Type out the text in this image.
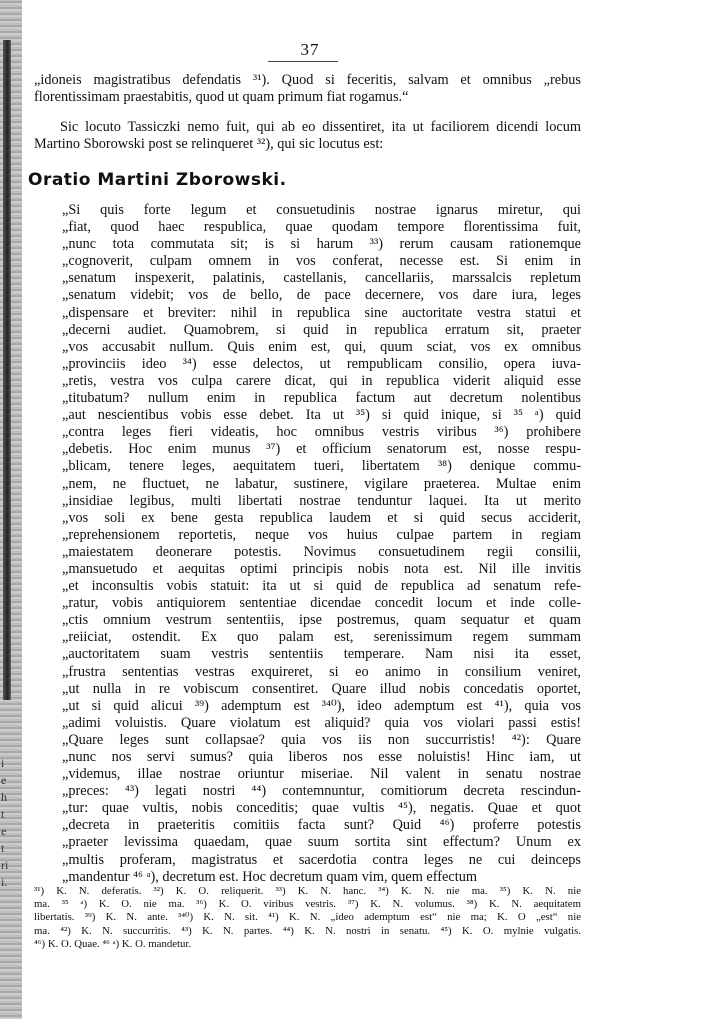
i
e
h
t
e
t
ri
i.
37

„idoneis magistratibus defendatis ³¹). Quod si feceritis, salvam et omnibus „rebus florentissimam praestabitis, quod ut quam primum fiat rogamus.“

Sic locuto Tassiczki nemo fuit, qui ab eo dissentiret, ita ut faciliorem dicendi locum Martino Sborowski post se relinqueret ³²), qui sic locutus est:

Oratio Martini Zborowski.
„Si quis forte legum et consuetudinis nostrae ignarus miretur, qui
„fiat, quod haec respublica, quae quodam tempore florentissima fuit,
„nunc tota commutata sit; is si harum ³³) rerum causam rationemque
„cognoverit, culpam omnem in vos conferat, necesse est. Si enim in
„senatum inspexerit, palatinis, castellanis, cancellariis, marssalcis repletum
„senatum videbit; vos de bello, de pace decernere, vos dare iura, leges
„dispensare et breviter: nihil in republica sine auctoritate vestra statui et
„decerni audiet. Quamobrem, si quid in republica erratum sit, praeter
„vos accusabit nullum. Quis enim est, qui, quum sciat, vos ex omnibus
„provinciis ideo ³⁴) esse delectos, ut rempublicam consilio, opera iuva-
„retis, vestra vos culpa carere dicat, qui in republica viderit aliquid esse
„titubatum? nullum enim in republica factum aut decretum nolentibus
„aut nescientibus vobis esse debet. Ita ut ³⁵) si quid inique, si ³⁵ ᵃ) quid
„contra leges fieri videatis, hoc omnibus vestris viribus ³⁶) prohibere
„debetis. Hoc enim munus ³⁷) et officium senatorum est, nosse respu-
„blicam, tenere leges, aequitatem tueri, libertatem ³⁸) denique commu-
„nem, ne fluctuet, ne labatur, sustinere, vigilare praeterea. Multae enim
„insidiae legibus, multi libertati nostrae tenduntur laquei. Ita ut merito
„vos soli ex bene gesta republica laudem et si quid secus acciderit,
„reprehensionem reportetis, neque vos huius culpae partem in regiam
„maiestatem deonerare potestis. Novimus consuetudinem regii consilii,
„mansuetudo et aequitas optimi principis nobis nota est. Nil ille invitis
„et inconsultis vobis statuit: ita ut si quid de republica ad senatum refe-
„ratur, vobis antiquiorem sententiae dicendae concedit locum et inde colle-
„ctis omnium vestrum sententiis, ipse postremus, quam sequatur et quam
„reiiciat, ostendit. Ex quo palam est, serenissimum regem summam
„auctoritatem suam vestris sententiis temperare. Nam nisi ita esset,
„frustra sententias vestras exquireret, si eo animo in consilium veniret,
„ut nulla in re vobiscum consentiret. Quare illud nobis concedatis oportet,
„ut si quid alicui ³⁹) ademptum est ³⁴⁰), ideo ademptum est ⁴¹), quia vos
„adimi voluistis. Quare violatum est aliquid? quia vos violari passi estis!
„Quare leges sunt collapsae? quia vos iis non succurristis! ⁴²): Quare
„nunc nos servi sumus? quia liberos nos esse noluistis! Hinc iam, ut
„videmus, illae nostrae oriuntur miseriae. Nil valent in senatu nostrae
„preces: ⁴³) legati nostri ⁴⁴) contemnuntur, comitiorum decreta rescindun-
„tur: quae vultis, nobis conceditis; quae vultis ⁴⁵), negatis. Quae et quot
„decreta in praeteritis comitiis facta sunt? Quid ⁴⁶) proferre potestis
„praeter levissima quaedam, quae suum sortita sint effectum? Unum ex
„multis proferam, magistratus et sacerdotia contra leges ne cui deinceps
„mandentur ⁴⁶ ᵃ), decretum est. Hoc decretum quam vim, quem effectum
³¹) K. N. deferatis. ³²) K. O. reliquerit. ³³) K. N. hanc. ³⁴) K. N. nie ma. ³⁵) K. N. nie
ma. ³⁵ ᵃ) K. O. nie ma. ³⁶) K. O. viribus vestris. ³⁷) K. N. volumus. ³⁸) K. N. aequitatem
libertatis. ³⁹) K. N. ante. ³⁴⁰) K. N. sit. ⁴¹) K. N. „ideo ademptum est“ nie ma; K. O „est“ nie
ma. ⁴²) K. N. succurritis. ⁴³) K. N. partes. ⁴⁴) K. N. nostri in senatu. ⁴⁵) K. O. mylnie vulgatis.
⁴⁶) K. O. Quae. ⁴⁶ ᵃ) K. O. mandetur.
